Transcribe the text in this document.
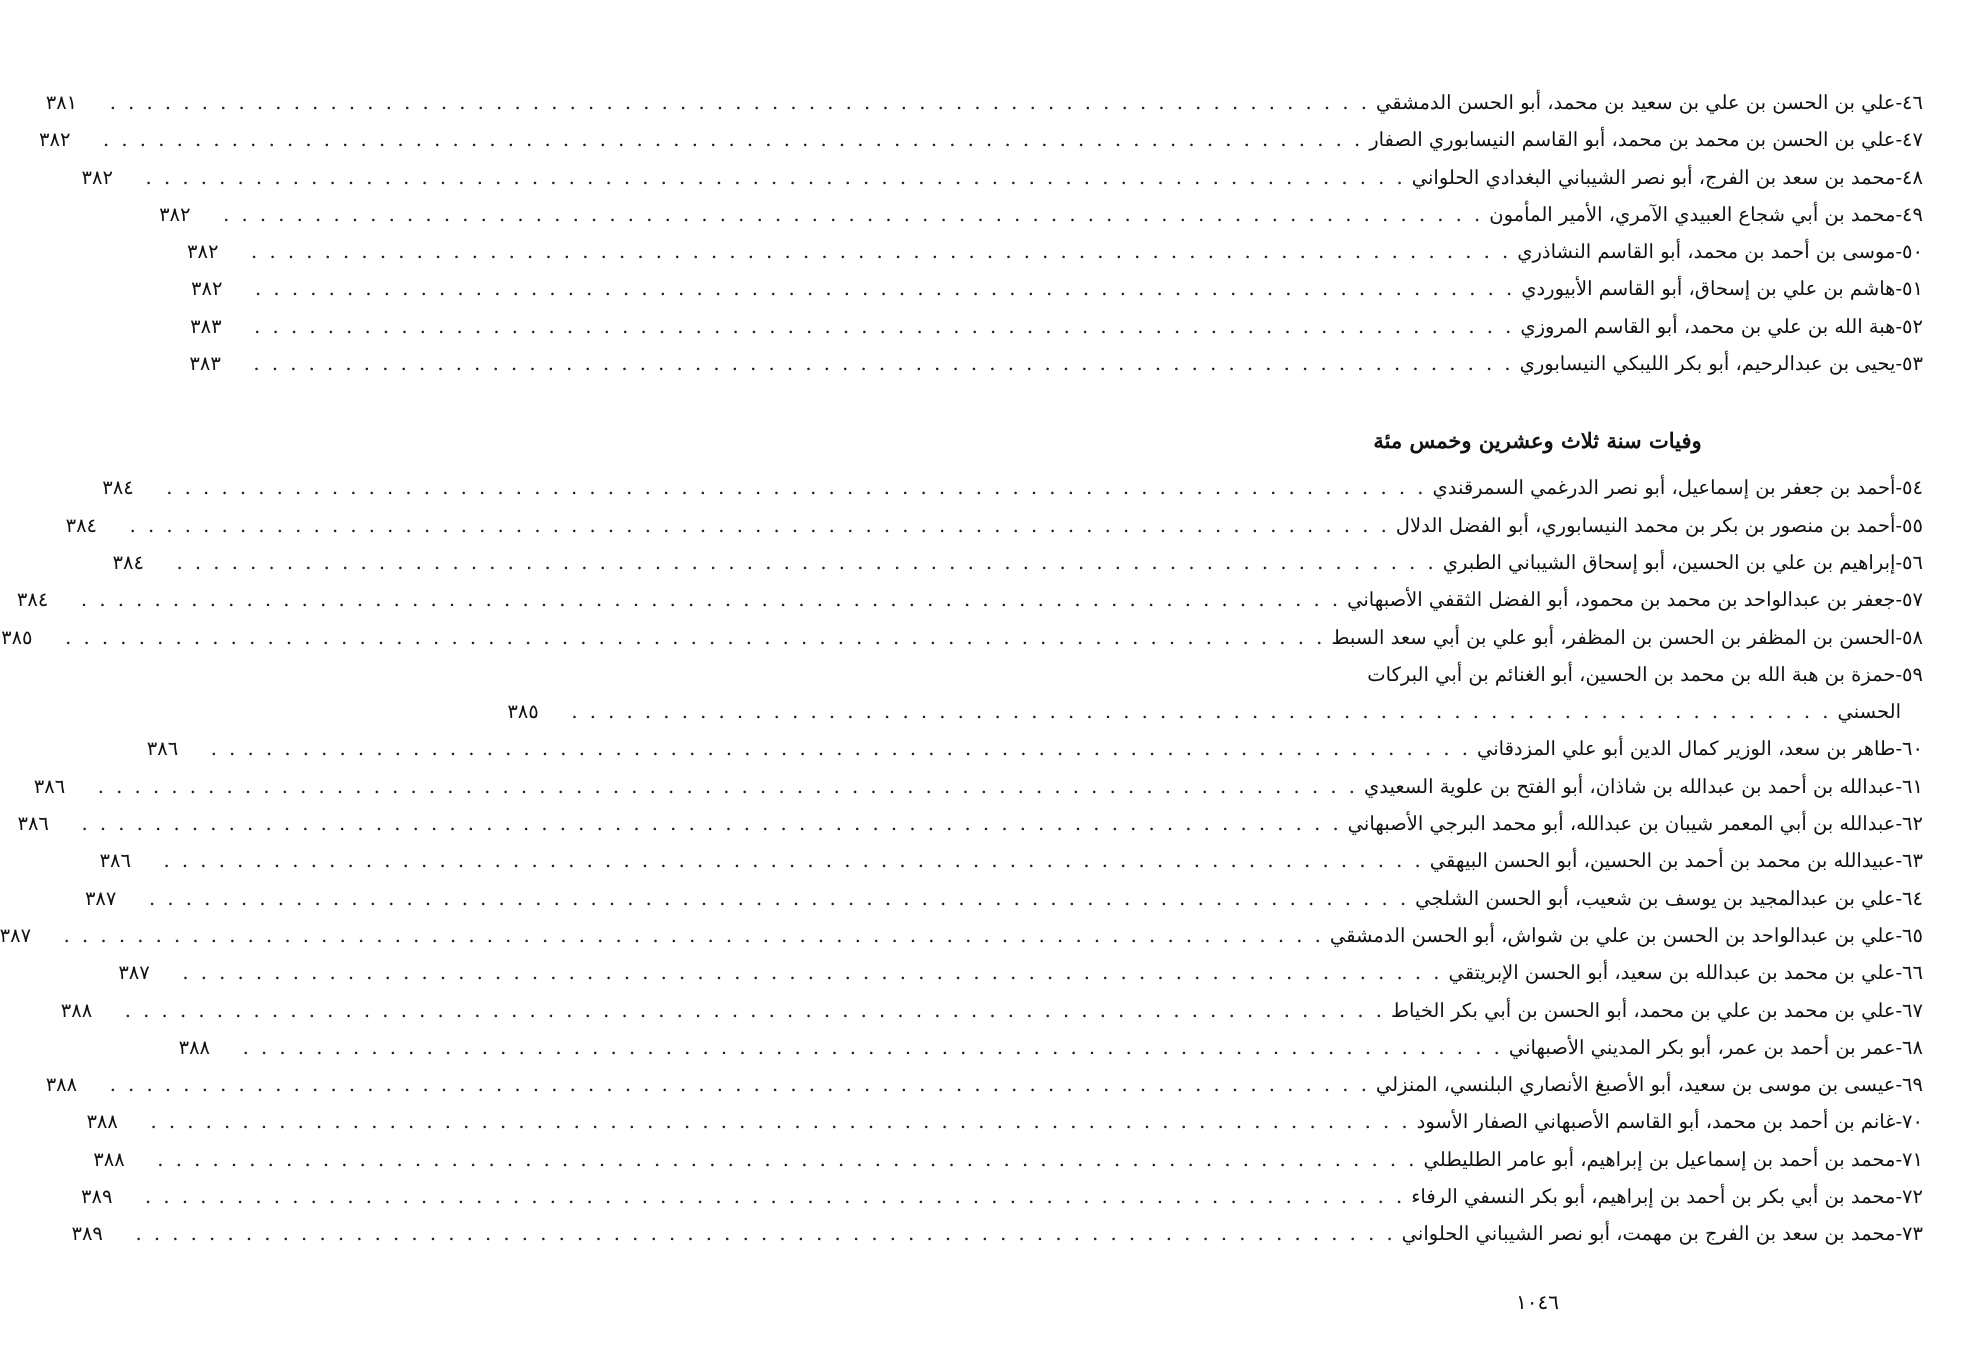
٤٦-
علي بن الحسن بن علي بن سعيد بن محمد، أبو الحسن الدمشقي
. . .
٣٨١
٤٧-
علي بن الحسن بن محمد بن محمد، أبو القاسم النيسابوري الصفار
. . .
٣٨٢
٤٨-
محمد بن سعد بن الفرج، أبو نصر الشيباني البغدادي الحلواني
. . .
٣٨٢
٤٩-
محمد بن أبي شجاع العبيدي الآمري، الأمير المأمون
. . .
٣٨٢
٥٠-
موسى بن أحمد بن محمد، أبو القاسم النشاذري
. . .
٣٨٢
٥١-
هاشم بن علي بن إسحاق، أبو القاسم الأبيوردي
. . .
٣٨٢
٥٢-
هبة الله بن علي بن محمد، أبو القاسم المروزي
. . .
٣٨٣
٥٣-
يحيى بن عبدالرحيم، أبو بكر الليبكي النيسابوري
. . .
٣٨٣
وفيات سنة ثلاث وعشرين وخمس مئة
٥٤-
أحمد بن جعفر بن إسماعيل، أبو نصر الدرغمي السمرقندي
. . .
٣٨٤
٥٥-
أحمد بن منصور بن بكر بن محمد النيسابوري، أبو الفضل الدلال
. . .
٣٨٤
٥٦-
إبراهيم بن علي بن الحسين، أبو إسحاق الشيباني الطبري
. . .
٣٨٤
٥٧-
جعفر بن عبدالواحد بن محمد بن محمود، أبو الفضل الثقفي الأصبهاني
. . .
٣٨٤
٥٨-
الحسن بن المظفر بن الحسن بن المظفر، أبو علي بن أبي سعد السبط
. . .
٣٨٥
٥٩-
حمزة بن هبة الله بن محمد بن الحسين، أبو الغنائم بن أبي البركات
الحسني
. . .
٣٨٥
٦٠-
طاهر بن سعد، الوزير كمال الدين أبو علي المزدقاني
. . .
٣٨٦
٦١-
عبدالله بن أحمد بن عبدالله بن شاذان، أبو الفتح بن علوية السعيدي
. . .
٣٨٦
٦٢-
عبدالله بن أبي المعمر شيبان بن عبدالله، أبو محمد البرجي الأصبهاني
. . .
٣٨٦
٦٣-
عبيدالله بن محمد بن أحمد بن الحسين، أبو الحسن البيهقي
. . .
٣٨٦
٦٤-
علي بن عبدالمجيد بن يوسف بن شعيب، أبو الحسن الشلجي
. . .
٣٨٧
٦٥-
علي بن عبدالواحد بن الحسن بن علي بن شواش، أبو الحسن الدمشقي
. . .
٣٨٧
٦٦-
علي بن محمد بن عبدالله بن سعيد، أبو الحسن الإبريتقي
. . .
٣٨٧
٦٧-
علي بن محمد بن علي بن محمد، أبو الحسن بن أبي بكر الخياط
. . .
٣٨٨
٦٨-
عمر بن أحمد بن عمر، أبو بكر المديني الأصبهاني
. . .
٣٨٨
٦٩-
عيسى بن موسى بن سعيد، أبو الأصبغ الأنصاري البلنسي، المنزلي
. . .
٣٨٨
٧٠-
غانم بن أحمد بن محمد، أبو القاسم الأصبهاني الصفار الأسود
. . .
٣٨٨
٧١-
محمد بن أحمد بن إسماعيل بن إبراهيم، أبو عامر الطليطلي
. . .
٣٨٨
٧٢-
محمد بن أبي بكر بن أحمد بن إبراهيم، أبو بكر النسفي الرفاء
. . .
٣٨٩
٧٣-
محمد بن سعد بن الفرج بن مهمت، أبو نصر الشيباني الحلواني
. . .
٣٨٩
١٠٤٦
